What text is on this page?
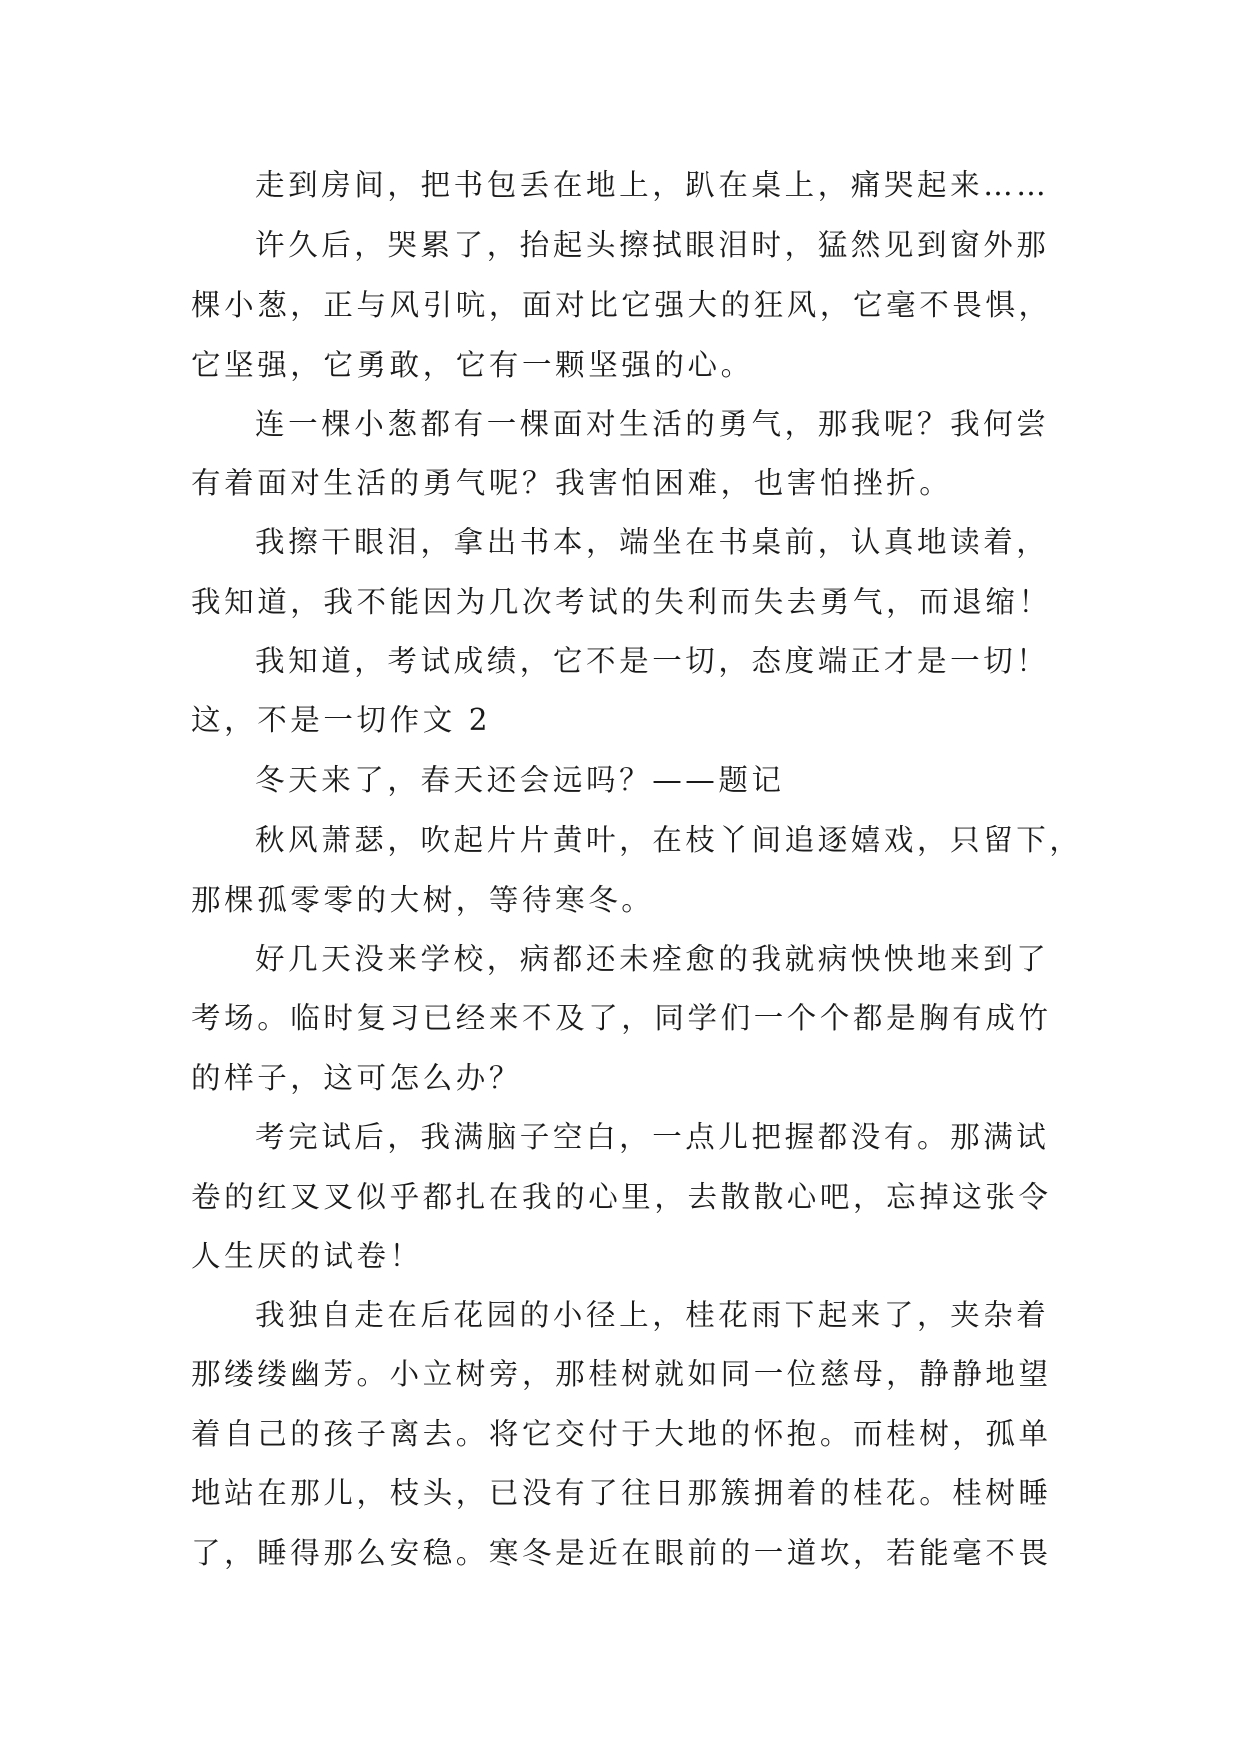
走到房间，把书包丢在地上，趴在桌上，痛哭起来……
许久后，哭累了，抬起头擦拭眼泪时，猛然见到窗外那
棵小葱，正与风引吭，面对比它强大的狂风，它毫不畏惧，
它坚强，它勇敢，它有一颗坚强的心。
连一棵小葱都有一棵面对生活的勇气，那我呢？我何尝
有着面对生活的勇气呢？我害怕困难，也害怕挫折。
我擦干眼泪，拿出书本，端坐在书桌前，认真地读着，
我知道，我不能因为几次考试的失利而失去勇气，而退缩！
我知道，考试成绩，它不是一切，态度端正才是一切！
这，不是一切作文 2
冬天来了，春天还会远吗？——题记
秋风萧瑟，吹起片片黄叶，在枝丫间追逐嬉戏，只留下，
那棵孤零零的大树，等待寒冬。
好几天没来学校，病都还未痊愈的我就病怏怏地来到了
考场。临时复习已经来不及了，同学们一个个都是胸有成竹
的样子，这可怎么办？
考完试后，我满脑子空白，一点儿把握都没有。那满试
卷的红叉叉似乎都扎在我的心里，去散散心吧，忘掉这张令
人生厌的试卷！
我独自走在后花园的小径上，桂花雨下起来了，夹杂着
那缕缕幽芳。小立树旁，那桂树就如同一位慈母，静静地望
着自己的孩子离去。将它交付于大地的怀抱。而桂树，孤单
地站在那儿，枝头，已没有了往日那簇拥着的桂花。桂树睡
了，睡得那么安稳。寒冬是近在眼前的一道坎，若能毫不畏
